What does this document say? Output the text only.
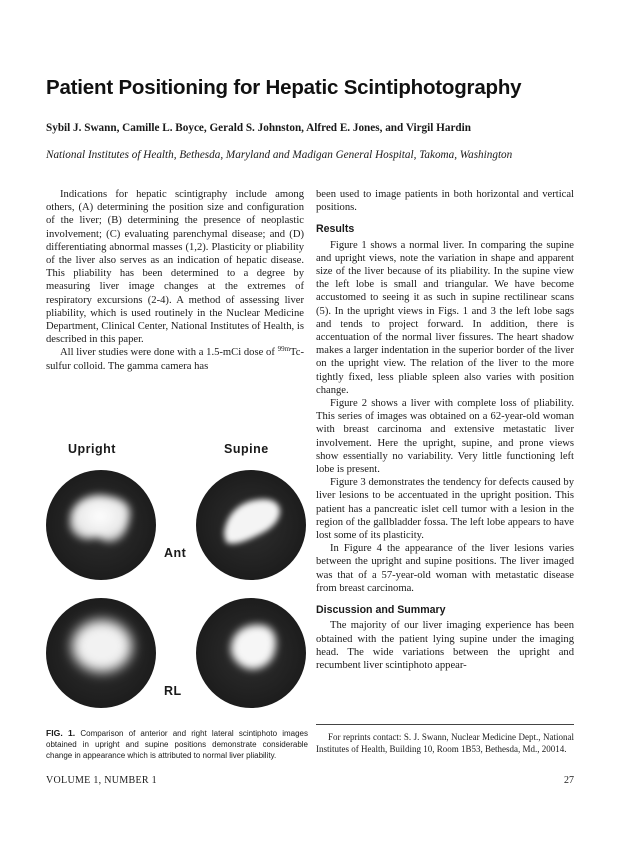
Patient Positioning for Hepatic Scintiphotography
Sybil J. Swann, Camille L. Boyce, Gerald S. Johnston, Alfred E. Jones, and Virgil Hardin
National Institutes of Health, Bethesda, Maryland and Madigan General Hospital, Takoma, Washington

Indications for hepatic scintigraphy include among others, (A) determining the position size and configuration of the liver; (B) determining the presence of neoplastic involvement; (C) evaluating parenchymal disease; and (D) differentiating abnormal masses (1,2). Plasticity or pliability of the liver also serves as an indication of hepatic disease. This pliability has been determined to a degree by measuring liver image changes at the extremes of respiratory excursions (2-4). A method of assessing liver pliability, which is used routinely in the Nuclear Medicine Department, Clinical Center, National Institutes of Health, is described in this paper.

All liver studies were done with a 1.5-mCi dose of $^{99m}$Tc-sulfur colloid. The gamma camera has

been used to image patients in both horizontal and vertical positions.

Results

Figure 1 shows a normal liver. In comparing the supine and upright views, note the variation in shape and apparent size of the liver because of its pliability. In the supine view the left lobe is small and triangular. We have become accustomed to seeing it as such in supine rectilinear scans (5). In the upright views in Figs. 1 and 3 the left lobe sags and tends to project forward. In addition, there is accentuation of the normal liver fissures. The heart shadow makes a larger indentation in the superior border of the liver on the upright view. The relation of the liver to the more tightly fixed, less pliable spleen also varies with position change.

Figure 2 shows a liver with complete loss of pliability. This series of images was obtained on a 62-year-old woman with breast carcinoma and extensive metastatic liver involvement. Here the upright, supine, and prone views show essentially no variability. Very little functioning left lobe is present.

Figure 3 demonstrates the tendency for defects caused by liver lesions to be accentuated in the upright position. This patient has a pancreatic islet cell tumor with a lesion in the region of the gallbladder fossa. The left lobe appears to have lost some of its plasticity.

In Figure 4 the appearance of the liver lesions varies between the upright and supine positions. The liver imaged was that of a 57-year-old woman with metastatic disease from breast carcinoma.

Discussion and Summary

The majority of our liver imaging experience has been obtained with the patient lying supine under the imaging head. The wide variations between the upright and recumbent liver scintiphoto appear-

Upright	Supine
Ant
RL
FIG. 1. Comparison of anterior and right lateral scintiphoto images obtained in upright and supine positions demonstrate considerable change in appearance which is attributed to normal liver pliability.
For reprints contact: S. J. Swann, Nuclear Medicine Dept., National Institutes of Health, Building 10, Room 1B53, Bethesda, Md., 20014.
VOLUME 1, NUMBER 1	27
